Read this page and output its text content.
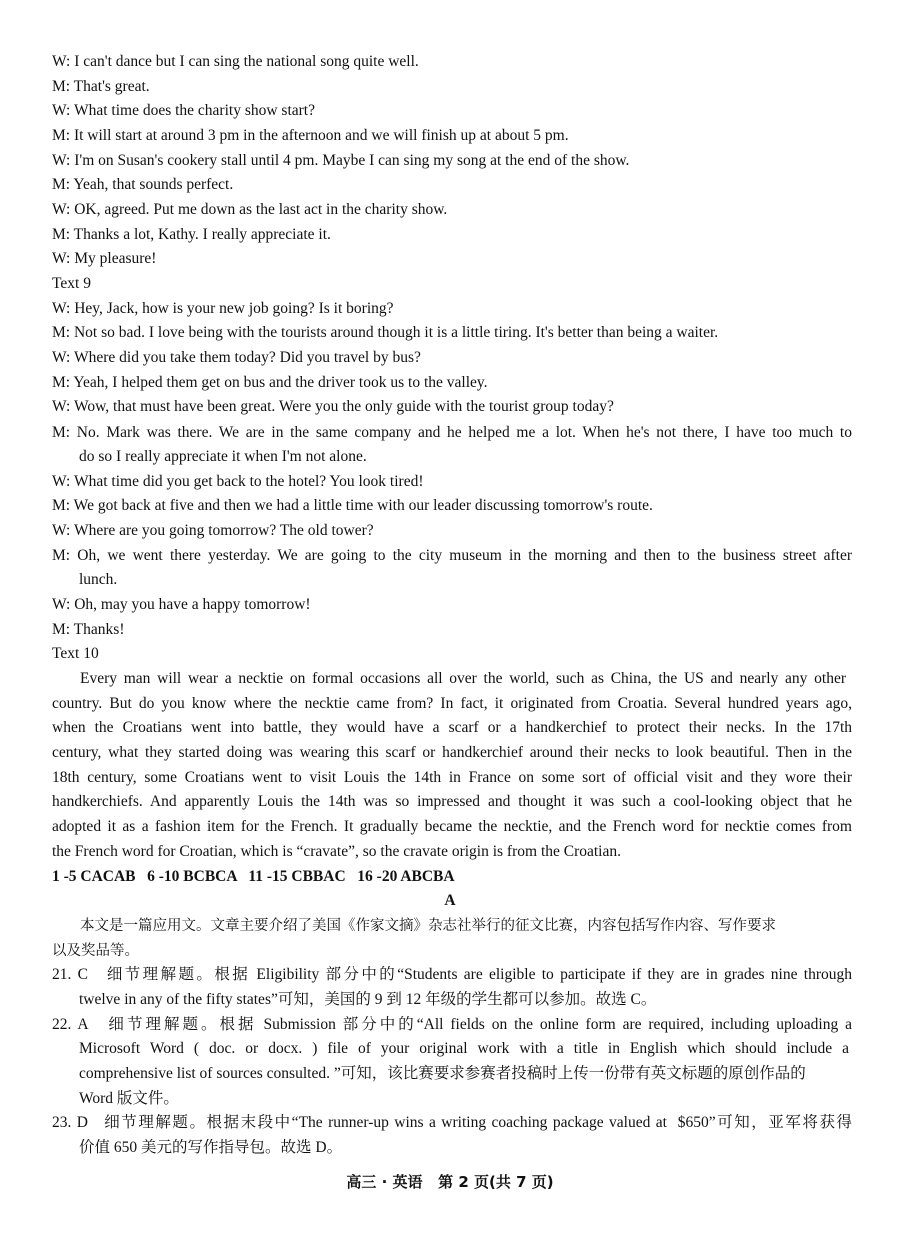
W: I can't dance but I can sing the national song quite well.
M: That's great.
W: What time does the charity show start?
M: It will start at around 3 pm in the afternoon and we will finish up at about 5 pm.
W: I'm on Susan's cookery stall until 4 pm. Maybe I can sing my song at the end of the show.
M: Yeah, that sounds perfect.
W: OK, agreed. Put me down as the last act in the charity show.
M: Thanks a lot, Kathy. I really appreciate it.
W: My pleasure!
Text 9
W: Hey, Jack, how is your new job going? Is it boring?
M: Not so bad. I love being with the tourists around though it is a little tiring. It's better than being a waiter.
W: Where did you take them today? Did you travel by bus?
M: Yeah, I helped them get on bus and the driver took us to the valley.
W: Wow, that must have been great. Were you the only guide with the tourist group today?
M: No. Mark was there. We are in the same company and he helped me a lot. When he's not there, I have too much to
do so I really appreciate it when I'm not alone.
W: What time did you get back to the hotel? You look tired!
M: We got back at five and then we had a little time with our leader discussing tomorrow's route.
W: Where are you going tomorrow? The old tower?
M: Oh, we went there yesterday. We are going to the city museum in the morning and then to the business street after
lunch.
W: Oh, may you have a happy tomorrow!
M: Thanks!
Text 10
Every man will wear a necktie on formal occasions all over the world, such as China, the US and nearly any other
country. But do you know where the necktie came from? In fact, it originated from Croatia. Several hundred years ago,
when the Croatians went into battle, they would have a scarf or a handkerchief to protect their necks. In the 17th
century, what they started doing was wearing this scarf or handkerchief around their necks to look beautiful. Then in the
18th century, some Croatians went to visit Louis the 14th in France on some sort of official visit and they wore their
handkerchiefs. And apparently Louis the 14th was so impressed and thought it was such a cool-looking object that he
adopted it as a fashion item for the French. It gradually became the necktie, and the French word for necktie comes from
the French word for Croatian, which is “cravate”, so the cravate origin is from the Croatian.
1 -5 CACAB   6 -10 BCBCA   11 -15 CBBAC   16 -20 ABCBA
A
本文是一篇应用文。文章主要介绍了美国《作家文摘》杂志社举行的征文比赛，内容包括写作内容、写作要求
以及奖品等。
21. C   细节理解题。根据 Eligibility 部分中的“Students are eligible to participate if they are in grades nine through
twelve in any of the fifty states”可知，美国的 9 到 12 年级的学生都可以参加。故选 C。
22. A   细节理解题。根据 Submission 部分中的“All fields on the online form are required, including uploading a
Microsoft Word ( doc. or docx. ) file of your original work with a title in English which should include a
comprehensive list of sources consulted. ”可知，该比赛要求参赛者投稿时上传一份带有英文标题的原创作品的
Word 版文件。
23. D   细节理解题。根据末段中“The runner-up wins a writing coaching package valued at  $650”可知，亚军将获得
价值 650 美元的写作指导包。故选 D。
高三 · 英语   第 2 页(共 7 页)
